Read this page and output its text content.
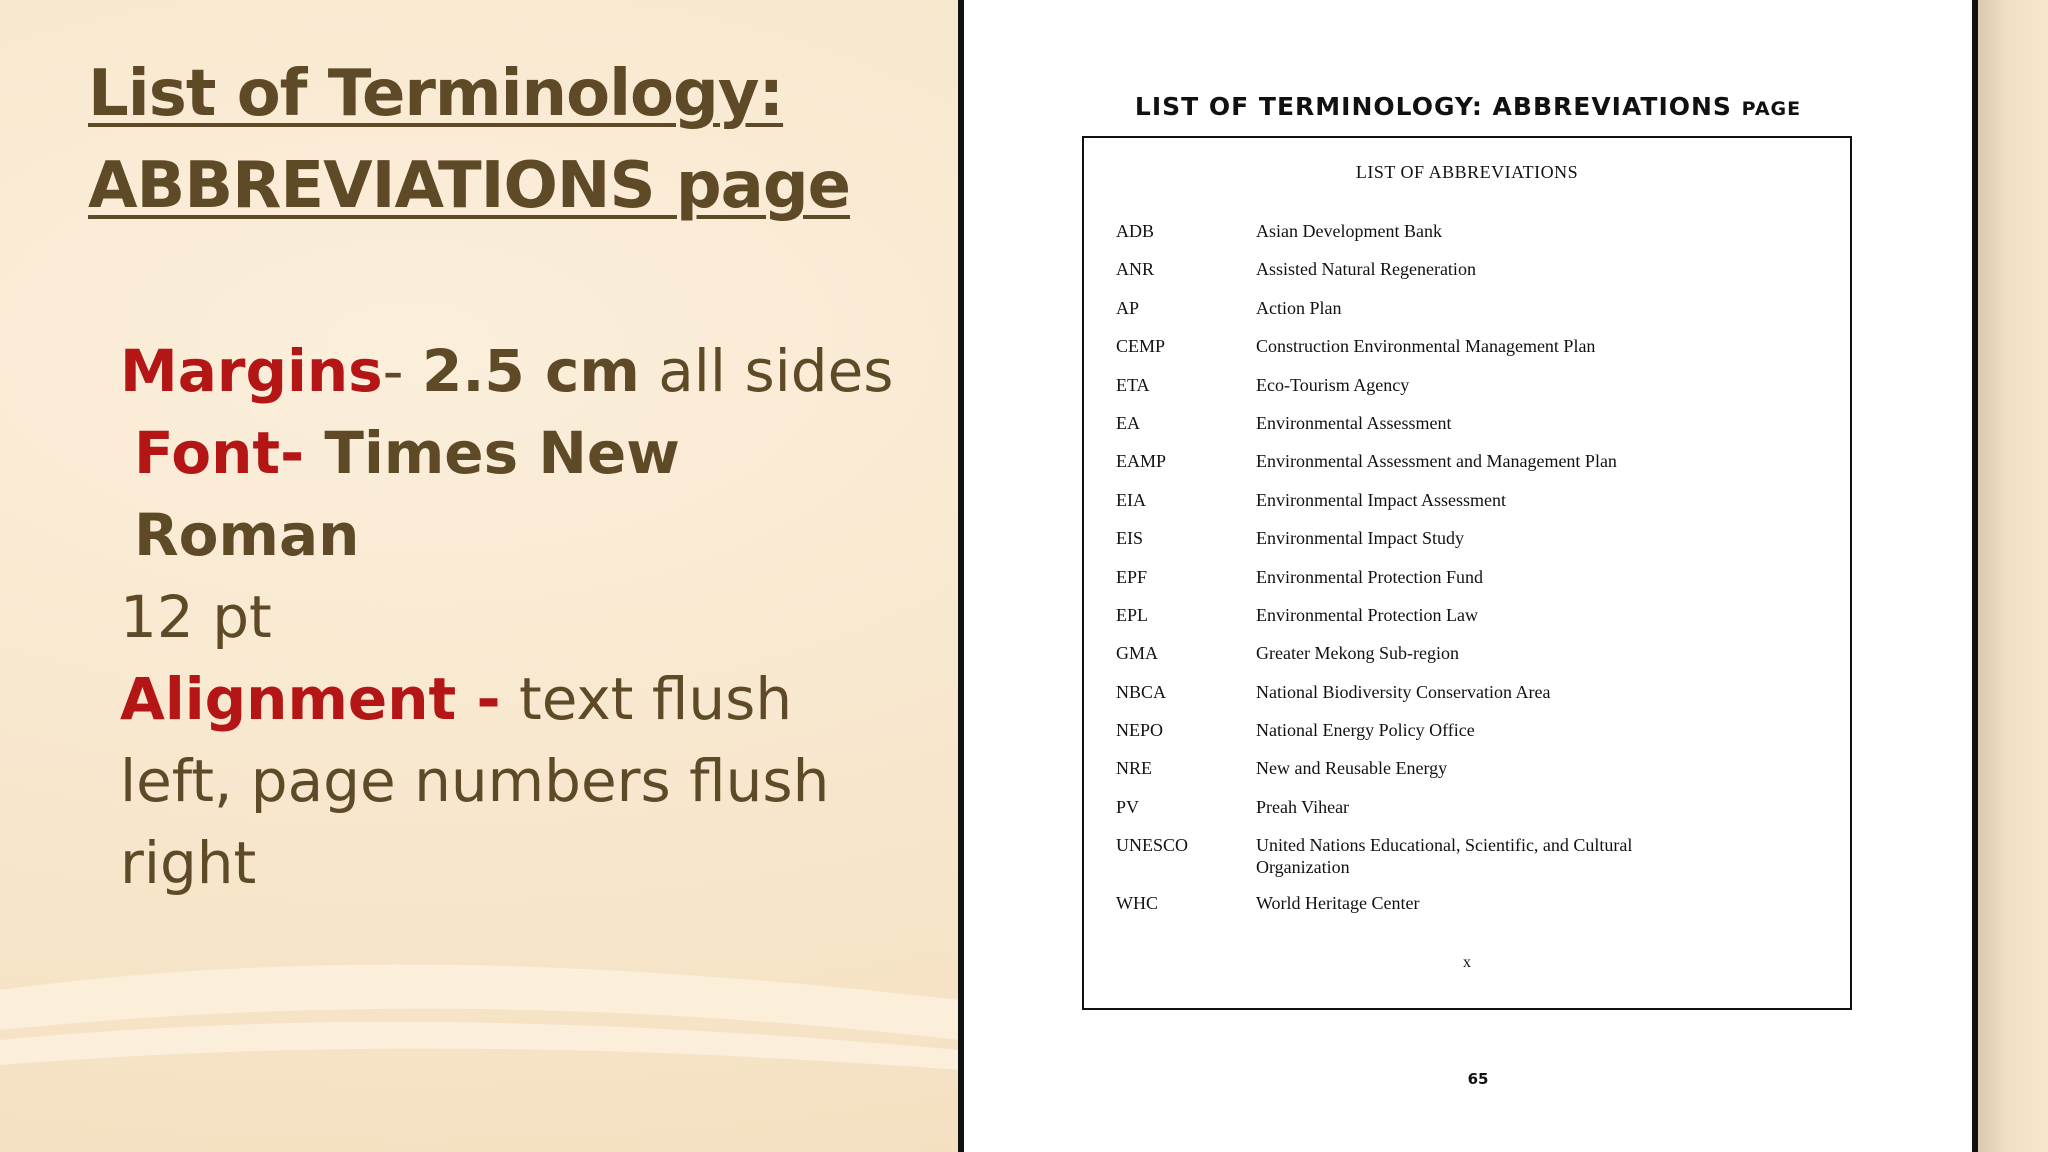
List of Terminology:
ABBREVIATIONS page

Margins- 2.5 cm all sides

Font- Times New Roman

12 pt

Alignment - text flush left, page numbers flush right

LIST OF TERMINOLOGY: ABBREVIATIONS PAGE
LIST OF ABBREVIATIONS
ADB	Asian Development Bank
ANR	Assisted Natural Regeneration
AP	Action Plan
CEMP	Construction Environmental Management Plan
ETA	Eco-Tourism Agency
EA	Environmental Assessment
EAMP	Environmental Assessment and Management Plan
EIA	Environmental Impact Assessment
EIS	Environmental Impact Study
EPF	Environmental Protection Fund
EPL	Environmental Protection Law
GMA	Greater Mekong Sub-region
NBCA	National Biodiversity Conservation Area
NEPO	National Energy Policy Office
NRE	New and Reusable Energy
PV	Preah Vihear
UNESCO	United Nations Educational, Scientific, and Cultural Organization
WHC	World Heritage Center
x
65
